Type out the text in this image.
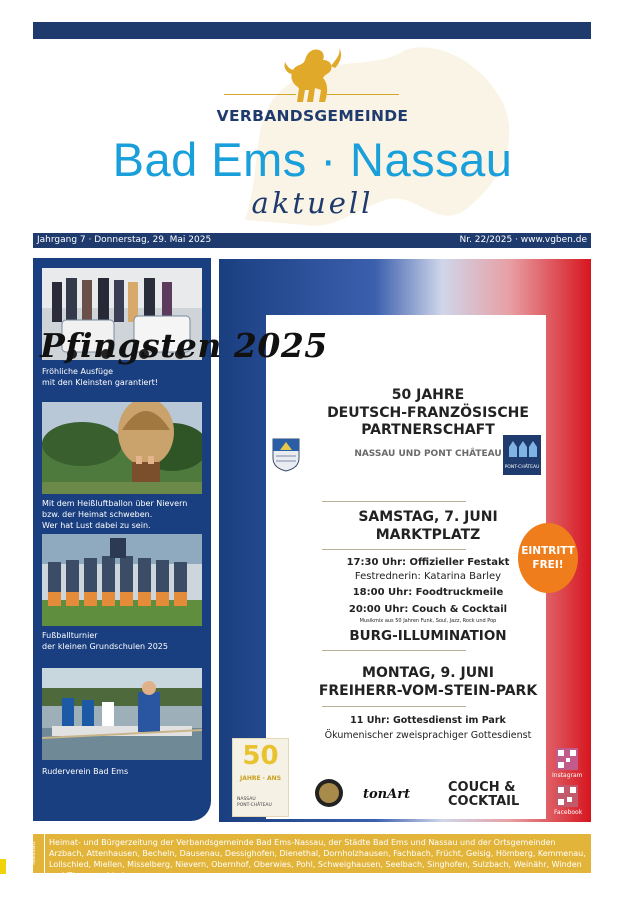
VERBANDSGEMEINDE
Bad Ems · Nassau
aktuell
Jahrgang 7 · Donnerstag, 29. Mai 2025	Nr. 22/2025 · www.vgben.de
Fröhliche Ausfüge
mit den Kleinsten garantiert!
Mit dem Heißluftballon über Nievern
bzw. der Heimat schweben.
Wer hat Lust dabei zu sein.
Fußballturnier
der kleinen Grundschulen 2025
Ruderverein Bad Ems
Pfingsten 2025
50 JAHRE
DEUTSCH-FRANZÖSISCHE
PARTNERSCHAFT
NASSAU UND PONT CHÂTEAU
PONT-CHÂTEAU
SAMSTAG, 7. JUNI
MARKTPLATZ
17:30 Uhr: Offizieller Festakt
Festrednerin: Katarina Barley
18:00 Uhr: Foodtruckmeile
20:00 Uhr: Couch & Cocktail
Musikmix aus 50 Jahren Funk, Soul, Jazz, Rock und Pop
BURG-ILLUMINATION
MONTAG, 9. JUNI
FREIHERR-VOM-STEIN-PARK
11 Uhr: Gottesdienst im Park
Ökumenischer zweisprachiger Gottesdienst
EINTRITT
FREI!
50
JAHRE · ANS
NASSAU
PONT-CHÂTEAU
tonArt	COUCH &
COCKTAIL
Instagram
Facebook
Nassau Heimat- und Bürgerzeitung der Verbandsgemeinde Bad Ems-Nassau, der Städte Bad Ems und Nassau und der Ortsgemeinden Arzbach, Attenhausen, Becheln, Dausenau, Dessighofen, Dienethal, Dornholzhausen, Fachbach, Frücht, Geisig, Hömberg, Kemmenau, Lollschied, Miellen, Misselberg, Nievern, Obernhof, Oberwies, Pohl, Schweighausen, Seelbach, Singhofen, Sulzbach, Weinähr, Winden und Zimmerschied
